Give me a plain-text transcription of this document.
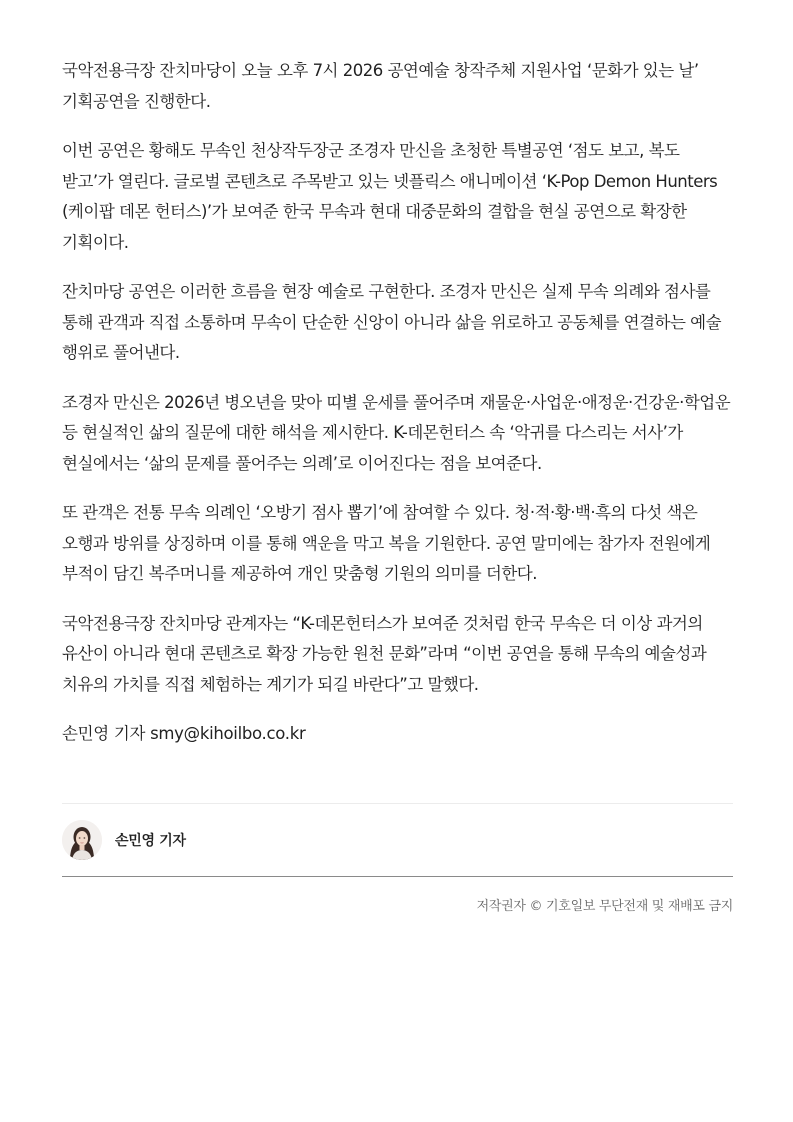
국악전용극장 잔치마당이 오늘 오후 7시 2026 공연예술 창작주체 지원사업 ‘문화가 있는 날’ 기획공연을 진행한다.

이번 공연은 황해도 무속인 천상작두장군 조경자 만신을 초청한 특별공연 ‘점도 보고, 복도 받고’가 열린다. 글로벌 콘텐츠로 주목받고 있는 넷플릭스 애니메이션 ‘K-Pop Demon Hunters (케이팝 데몬 헌터스)’가 보여준 한국 무속과 현대 대중문화의 결합을 현실 공연으로 확장한 기획이다.

잔치마당 공연은 이러한 흐름을 현장 예술로 구현한다. 조경자 만신은 실제 무속 의례와 점사를 통해 관객과 직접 소통하며 무속이 단순한 신앙이 아니라 삶을 위로하고 공동체를 연결하는 예술 행위로 풀어낸다.

조경자 만신은 2026년 병오년을 맞아 띠별 운세를 풀어주며 재물운·사업운·애정운·건강운·학업운 등 현실적인 삶의 질문에 대한 해석을 제시한다. K-데몬헌터스 속 ‘악귀를 다스리는 서사’가 현실에서는 ‘삶의 문제를 풀어주는 의례’로 이어진다는 점을 보여준다.

또 관객은 전통 무속 의례인 ‘오방기 점사 뽑기’에 참여할 수 있다. 청·적·황·백·흑의 다섯 색은 오행과 방위를 상징하며 이를 통해 액운을 막고 복을 기원한다. 공연 말미에는 참가자 전원에게 부적이 담긴 복주머니를 제공하여 개인 맞춤형 기원의 의미를 더한다.

국악전용극장 잔치마당 관계자는 “K-데몬헌터스가 보여준 것처럼 한국 무속은 더 이상 과거의 유산이 아니라 현대 콘텐츠로 확장 가능한 원천 문화”라며 “이번 공연을 통해 무속의 예술성과 치유의 가치를 직접 체험하는 계기가 되길 바란다”고 말했다.

손민영 기자 smy@kihoilbo.co.kr

손민영 기자
저작권자 © 기호일보 무단전재 및 재배포 금지
